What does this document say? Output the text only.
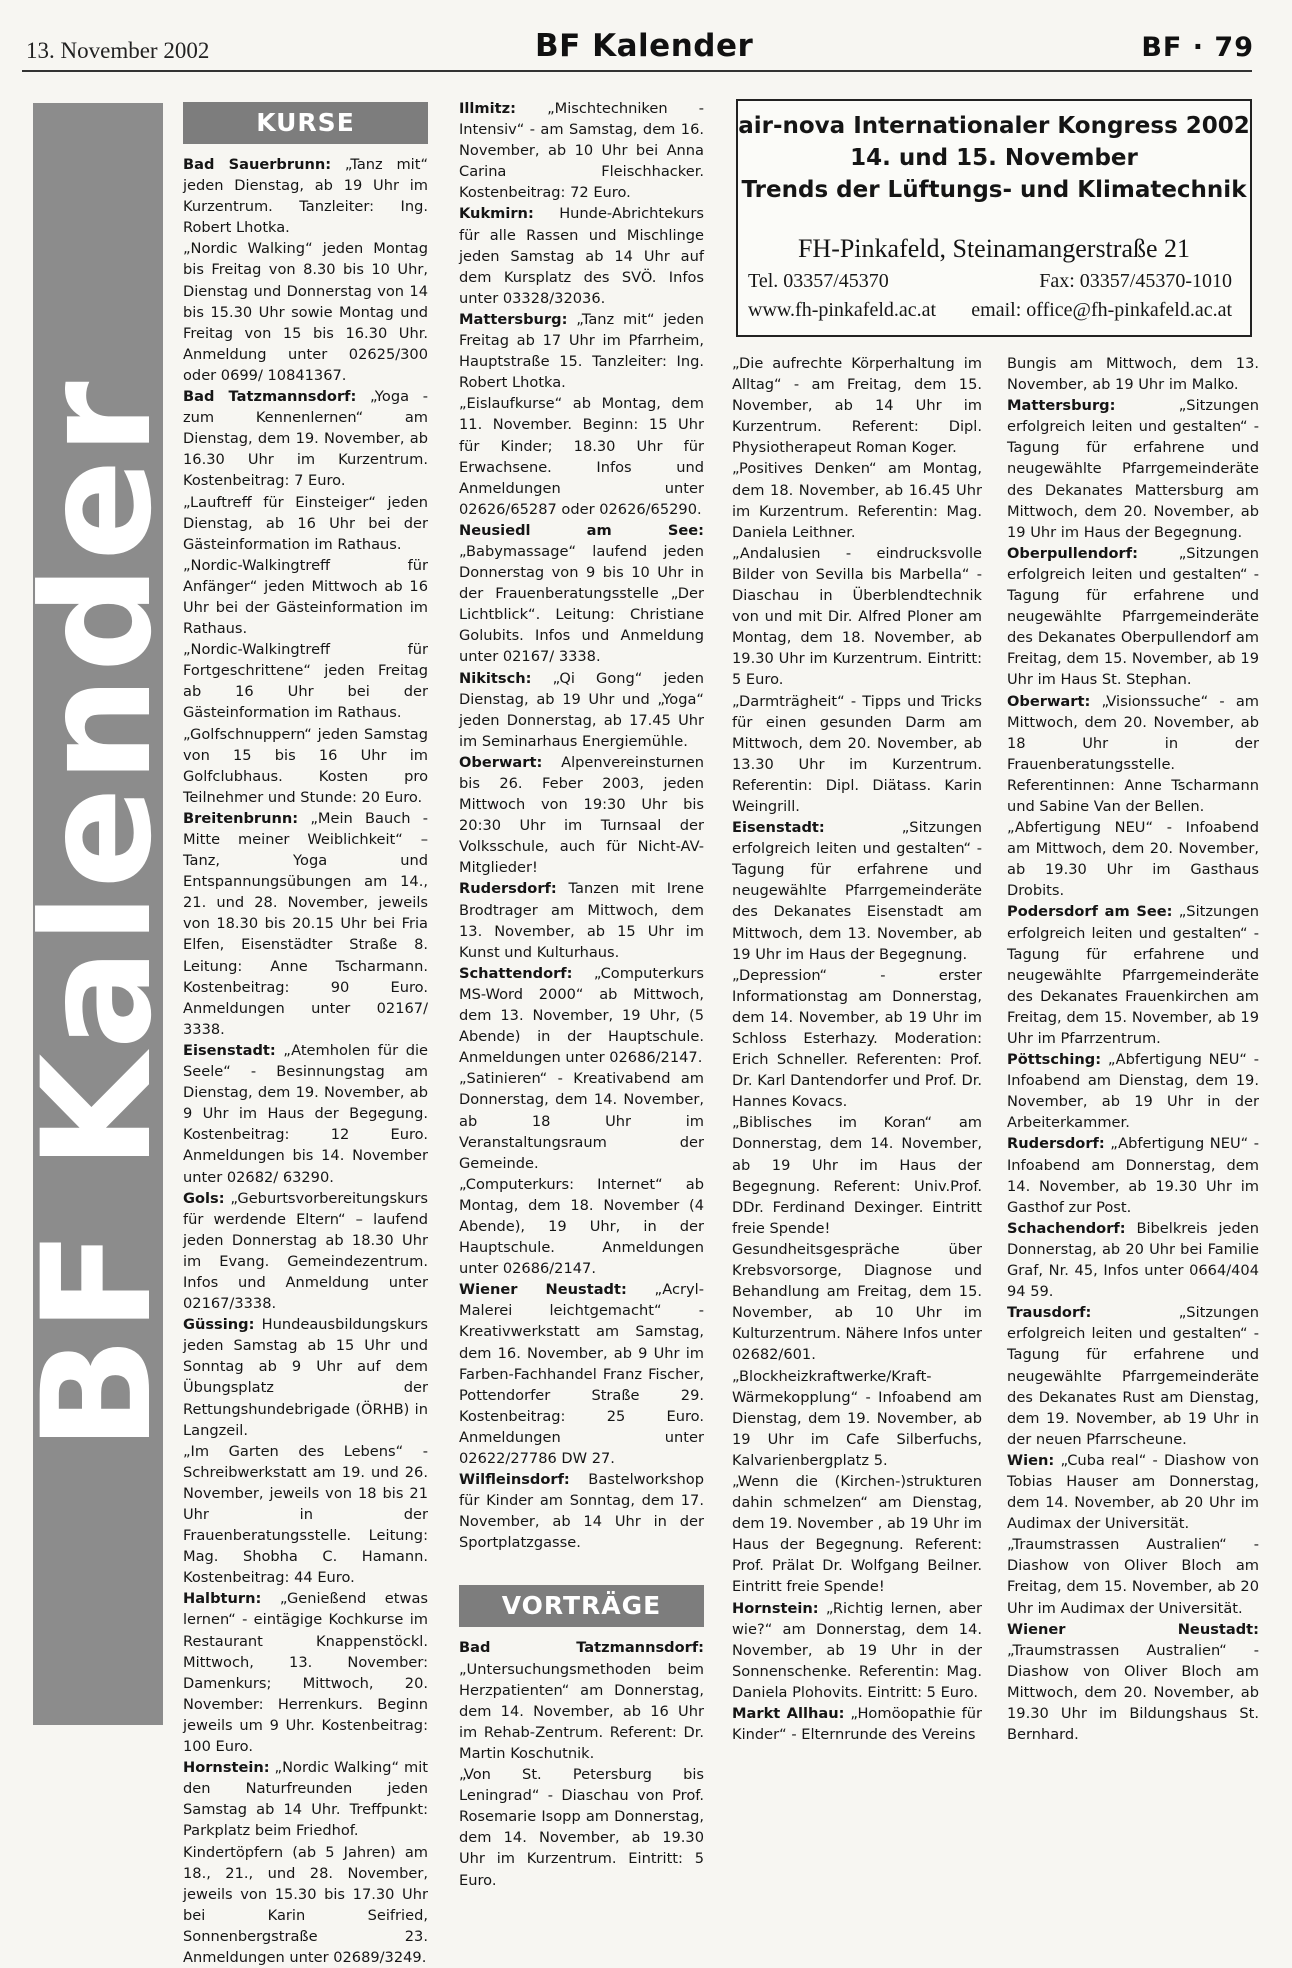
13. November 2002	BF Kalender	BF · 79
BF Kalender
KURSE

Bad Sauerbrunn: „Tanz mit“ jeden Dienstag, ab 19 Uhr im Kurzentrum. Tanzleiter: Ing. Robert Lhotka.

„Nordic Walking“ jeden Montag bis Freitag von 8.30 bis 10 Uhr, Dienstag und Donnerstag von 14 bis 15.30 Uhr sowie Montag und Freitag von 15 bis 16.30 Uhr. Anmeldung unter 02625/300 oder 0699/ 10841367.

Bad Tatzmannsdorf: „Yoga - zum Kennenlernen“ am Dienstag, dem 19. November, ab 16.30 Uhr im Kurzentrum. Kostenbeitrag: 7 Euro.

„Lauftreff für Einsteiger“ jeden Dienstag, ab 16 Uhr bei der Gästeinformation im Rathaus.

„Nordic-Walkingtreff für Anfänger“ jeden Mittwoch ab 16 Uhr bei der Gästeinformation im Rathaus.

„Nordic-Walkingtreff für Fortgeschrittene“ jeden Freitag ab 16 Uhr bei der Gästeinformation im Rathaus.

„Golfschnuppern“ jeden Samstag von 15 bis 16 Uhr im Golfclubhaus. Kosten pro Teilnehmer und Stunde: 20 Euro.

Breitenbrunn: „Mein Bauch - Mitte meiner Weiblichkeit“ – Tanz, Yoga und Entspannungsübungen am 14., 21. und 28. November, jeweils von 18.30 bis 20.15 Uhr bei Fria Elfen, Eisenstädter Straße 8. Leitung: Anne Tscharmann. Kostenbeitrag: 90 Euro. Anmeldungen unter 02167/ 3338.

Eisenstadt: „Atemholen für die Seele“ - Besinnungstag am Dienstag, dem 19. November, ab 9 Uhr im Haus der Begegung. Kostenbeitrag: 12 Euro. Anmeldungen bis 14. November unter 02682/ 63290.

Gols: „Geburtsvorbereitungskurs für werdende Eltern“ – laufend jeden Donnerstag ab 18.30 Uhr im Evang. Gemeindezentrum. Infos und Anmeldung unter 02167/3338.

Güssing: Hundeausbildungskurs jeden Samstag ab 15 Uhr und Sonntag ab 9 Uhr auf dem Übungsplatz der Rettungshundebrigade (ÖRHB) in Langzeil.

„Im Garten des Lebens“ - Schreibwerkstatt am 19. und 26. November, jeweils von 18 bis 21 Uhr in der Frauenberatungsstelle. Leitung: Mag. Shobha C. Hamann. Kostenbeitrag: 44 Euro.

Halbturn: „Genießend etwas lernen“ - eintägige Kochkurse im Restaurant Knappenstöckl. Mittwoch, 13. November: Damenkurs; Mittwoch, 20. November: Herrenkurs. Beginn jeweils um 9 Uhr. Kostenbeitrag: 100 Euro.

Hornstein: „Nordic Walking“ mit den Naturfreunden jeden Samstag ab 14 Uhr. Treffpunkt: Parkplatz beim Friedhof.

Kindertöpfern (ab 5 Jahren) am 18., 21., und 28. November, jeweils von 15.30 bis 17.30 Uhr bei Karin Seifried, Sonnenbergstraße 23. Anmeldungen unter 02689/3249.

Illmitz: „Mischtechniken - Intensiv“ - am Samstag, dem 16. November, ab 10 Uhr bei Anna Carina Fleischhacker. Kostenbeitrag: 72 Euro.

Kukmirn: Hunde-Abrichtekurs für alle Rassen und Mischlinge jeden Samstag ab 14 Uhr auf dem Kursplatz des SVÖ. Infos unter 03328/32036.

Mattersburg: „Tanz mit“ jeden Freitag ab 17 Uhr im Pfarrheim, Hauptstraße 15. Tanzleiter: Ing. Robert Lhotka.

„Eislaufkurse“ ab Montag, dem 11. November. Beginn: 15 Uhr für Kinder; 18.30 Uhr für Erwachsene. Infos und Anmeldungen unter 02626/65287 oder 02626/65290.

Neusiedl am See: „Babymassage“ laufend jeden Donnerstag von 9 bis 10 Uhr in der Frauenberatungsstelle „Der Lichtblick“. Leitung: Christiane Golubits. Infos und Anmeldung unter 02167/ 3338.

Nikitsch: „Qi Gong“ jeden Dienstag, ab 19 Uhr und „Yoga“ jeden Donnerstag, ab 17.45 Uhr im Seminarhaus Energiemühle.

Oberwart: Alpenvereinsturnen bis 26. Feber 2003, jeden Mittwoch von 19:30 Uhr bis 20:30 Uhr im Turnsaal der Volksschule, auch für Nicht-AV-Mitglieder!

Rudersdorf: Tanzen mit Irene Brodtrager am Mittwoch, dem 13. November, ab 15 Uhr im Kunst und Kulturhaus.

Schattendorf: „Computerkurs MS-Word 2000“ ab Mittwoch, dem 13. November, 19 Uhr, (5 Abende) in der Hauptschule. Anmeldungen unter 02686/2147.

„Satinieren“ - Kreativabend am Donnerstag, dem 14. November, ab 18 Uhr im Veranstaltungsraum der Gemeinde.

„Computerkurs: Internet“ ab Montag, dem 18. November (4 Abende), 19 Uhr, in der Hauptschule. Anmeldungen unter 02686/2147.

Wiener Neustadt: „Acryl-Malerei leichtgemacht“ - Kreativwerkstatt am Samstag, dem 16. November, ab 9 Uhr im Farben-Fachhandel Franz Fischer, Pottendorfer Straße 29. Kostenbeitrag: 25 Euro. Anmeldungen unter 02622/27786 DW 27.

Wilfleinsdorf: Bastelworkshop für Kinder am Sonntag, dem 17. November, ab 14 Uhr in der Sportplatzgasse.

VORTRÄGE

Bad Tatzmannsdorf: „Untersuchungsmethoden beim Herzpatienten“ am Donnerstag, dem 14. November, ab 16 Uhr im Rehab-Zentrum. Referent: Dr. Martin Koschutnik.

„Von St. Petersburg bis Leningrad“ - Diaschau von Prof. Rosemarie Isopp am Donnerstag, dem 14. November, ab 19.30 Uhr im Kurzentrum. Eintritt: 5 Euro.

air-nova Internationaler Kongress 2002

14. und 15. November

Trends der Lüftungs- und Klimatechnik

FH-Pinkafeld, Steinamangerstraße 21
Tel. 03357/45370	Fax: 03357/45370-1010
www.fh-pinkafeld.ac.at email: office@fh-pinkafeld.ac.at

„Die aufrechte Körperhaltung im Alltag“ - am Freitag, dem 15. November, ab 14 Uhr im Kurzentrum. Referent: Dipl. Physiotherapeut Roman Koger.

„Positives Denken“ am Montag, dem 18. November, ab 16.45 Uhr im Kurzentrum. Referentin: Mag. Daniela Leithner.

„Andalusien - eindrucksvolle Bilder von Sevilla bis Marbella“ - Diaschau in Überblendtechnik von und mit Dir. Alfred Ploner am Montag, dem 18. November, ab 19.30 Uhr im Kurzentrum. Eintritt: 5 Euro.

„Darmträgheit“ - Tipps und Tricks für einen gesunden Darm am Mittwoch, dem 20. November, ab 13.30 Uhr im Kurzentrum. Referentin: Dipl. Diätass. Karin Weingrill.

Eisenstadt: „Sitzungen erfolgreich leiten und gestalten“ - Tagung für erfahrene und neugewählte Pfarrgemeinderäte des Dekanates Eisenstadt am Mittwoch, dem 13. November, ab 19 Uhr im Haus der Begegnung.

„Depression“ - erster Informationstag am Donnerstag, dem 14. November, ab 19 Uhr im Schloss Esterhazy. Moderation: Erich Schneller. Referenten: Prof. Dr. Karl Dantendorfer und Prof. Dr. Hannes Kovacs.

„Biblisches im Koran“ am Donnerstag, dem 14. November, ab 19 Uhr im Haus der Begegnung. Referent: Univ.Prof. DDr. Ferdinand Dexinger. Eintritt freie Spende!

Gesundheitsgespräche über Krebsvorsorge, Diagnose und Behandlung am Freitag, dem 15. November, ab 10 Uhr im Kulturzentrum. Nähere Infos unter 02682/601.

„Blockheizkraftwerke/Kraft-Wärmekopplung“ - Infoabend am Dienstag, dem 19. November, ab 19 Uhr im Cafe Silberfuchs, Kalvarienbergplatz 5.

„Wenn die (Kirchen-)strukturen dahin schmelzen“ am Dienstag, dem 19. November , ab 19 Uhr im Haus der Begegnung. Referent: Prof. Prälat Dr. Wolfgang Beilner. Eintritt freie Spende!

Hornstein: „Richtig lernen, aber wie?“ am Donnerstag, dem 14. November, ab 19 Uhr in der Sonnenschenke. Referentin: Mag. Daniela Plohovits. Eintritt: 5 Euro.

Markt Allhau: „Homöopathie für Kinder“ - Elternrunde des Vereins

Bungis am Mittwoch, dem 13. November, ab 19 Uhr im Malko.

Mattersburg: „Sitzungen erfolgreich leiten und gestalten“ - Tagung für erfahrene und neugewählte Pfarrgemeinderäte des Dekanates Mattersburg am Mittwoch, dem 20. November, ab 19 Uhr im Haus der Begegnung.

Oberpullendorf: „Sitzungen erfolgreich leiten und gestalten“ - Tagung für erfahrene und neugewählte Pfarrgemeinderäte des Dekanates Oberpullendorf am Freitag, dem 15. November, ab 19 Uhr im Haus St. Stephan.

Oberwart: „Visionssuche“ - am Mittwoch, dem 20. November, ab 18 Uhr in der Frauenberatungsstelle. Referentinnen: Anne Tscharmann und Sabine Van der Bellen.

„Abfertigung NEU“ - Infoabend am Mittwoch, dem 20. November, ab 19.30 Uhr im Gasthaus Drobits.

Podersdorf am See: „Sitzungen erfolgreich leiten und gestalten“ - Tagung für erfahrene und neugewählte Pfarrgemeinderäte des Dekanates Frauenkirchen am Freitag, dem 15. November, ab 19 Uhr im Pfarrzentrum.

Pöttsching: „Abfertigung NEU“ - Infoabend am Dienstag, dem 19. November, ab 19 Uhr in der Arbeiterkammer.

Rudersdorf: „Abfertigung NEU“ - Infoabend am Donnerstag, dem 14. November, ab 19.30 Uhr im Gasthof zur Post.

Schachendorf: Bibelkreis jeden Donnerstag, ab 20 Uhr bei Familie Graf, Nr. 45, Infos unter 0664/404 94 59.

Trausdorf: „Sitzungen erfolgreich leiten und gestalten“ - Tagung für erfahrene und neugewählte Pfarrgemeinderäte des Dekanates Rust am Dienstag, dem 19. November, ab 19 Uhr in der neuen Pfarrscheune.

Wien: „Cuba real“ - Diashow von Tobias Hauser am Donnerstag, dem 14. November, ab 20 Uhr im Audimax der Universität.

„Traumstrassen Australien“ - Diashow von Oliver Bloch am Freitag, dem 15. November, ab 20 Uhr im Audimax der Universität.

Wiener Neustadt: „Traumstrassen Australien“ - Diashow von Oliver Bloch am Mittwoch, dem 20. November, ab 19.30 Uhr im Bildungshaus St. Bernhard.
